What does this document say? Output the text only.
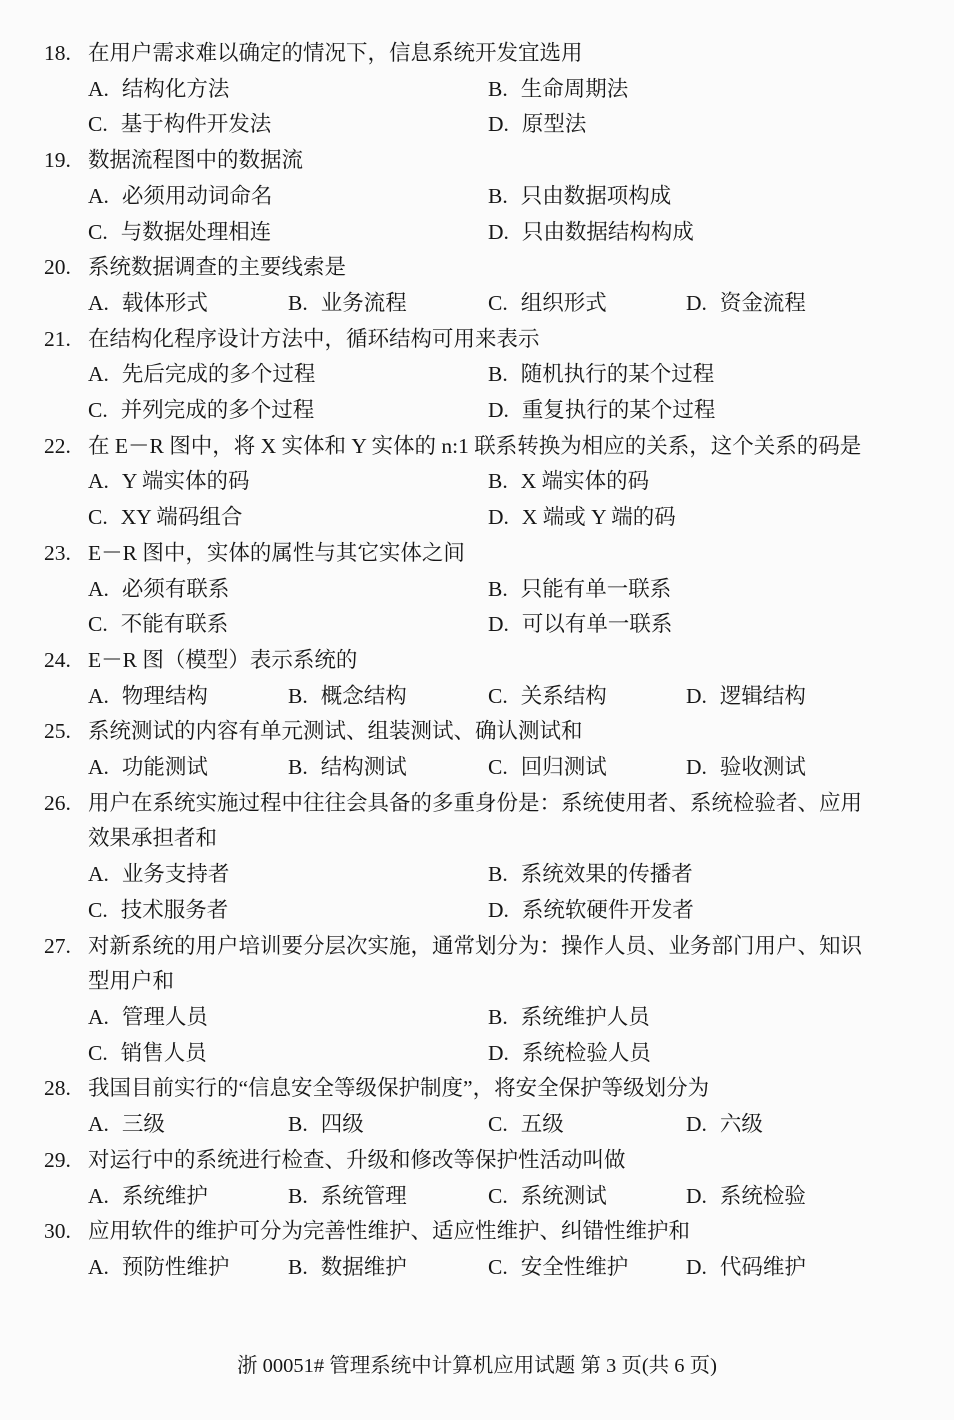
18. 在用户需求难以确定的情况下，信息系统开发宜选用
A. 结构化方法	B. 生命周期法
C. 基于构件开发法	D. 原型法
19. 数据流程图中的数据流
A. 必须用动词命名	B. 只由数据项构成
C. 与数据处理相连	D. 只由数据结构构成
20. 系统数据调查的主要线索是
A. 载体形式	B. 业务流程	C. 组织形式	D. 资金流程
21. 在结构化程序设计方法中，循环结构可用来表示
A. 先后完成的多个过程	B. 随机执行的某个过程
C. 并列完成的多个过程	D. 重复执行的某个过程
22. 在 E－R 图中，将 X 实体和 Y 实体的 n:1 联系转换为相应的关系，这个关系的码是
A. Y 端实体的码	B. X 端实体的码
C. XY 端码组合	D. X 端或 Y 端的码
23. E－R 图中，实体的属性与其它实体之间
A. 必须有联系	B. 只能有单一联系
C. 不能有联系	D. 可以有单一联系
24. E－R 图（模型）表示系统的
A. 物理结构	B. 概念结构	C. 关系结构	D. 逻辑结构
25. 系统测试的内容有单元测试、组装测试、确认测试和
A. 功能测试	B. 结构测试	C. 回归测试	D. 验收测试
26. 用户在系统实施过程中往往会具备的多重身份是：系统使用者、系统检验者、应用
效果承担者和
A. 业务支持者	B. 系统效果的传播者
C. 技术服务者	D. 系统软硬件开发者
27. 对新系统的用户培训要分层次实施，通常划分为：操作人员、业务部门用户、知识
型用户和
A. 管理人员	B. 系统维护人员
C. 销售人员	D. 系统检验人员
28. 我国目前实行的“信息安全等级保护制度”，将安全保护等级划分为
A. 三级	B. 四级	C. 五级	D. 六级
29. 对运行中的系统进行检查、升级和修改等保护性活动叫做
A. 系统维护	B. 系统管理	C. 系统测试	D. 系统检验
30. 应用软件的维护可分为完善性维护、适应性维护、纠错性维护和
A. 预防性维护	B. 数据维护	C. 安全性维护	D. 代码维护
浙 00051# 管理系统中计算机应用试题 第 3 页(共 6 页)
